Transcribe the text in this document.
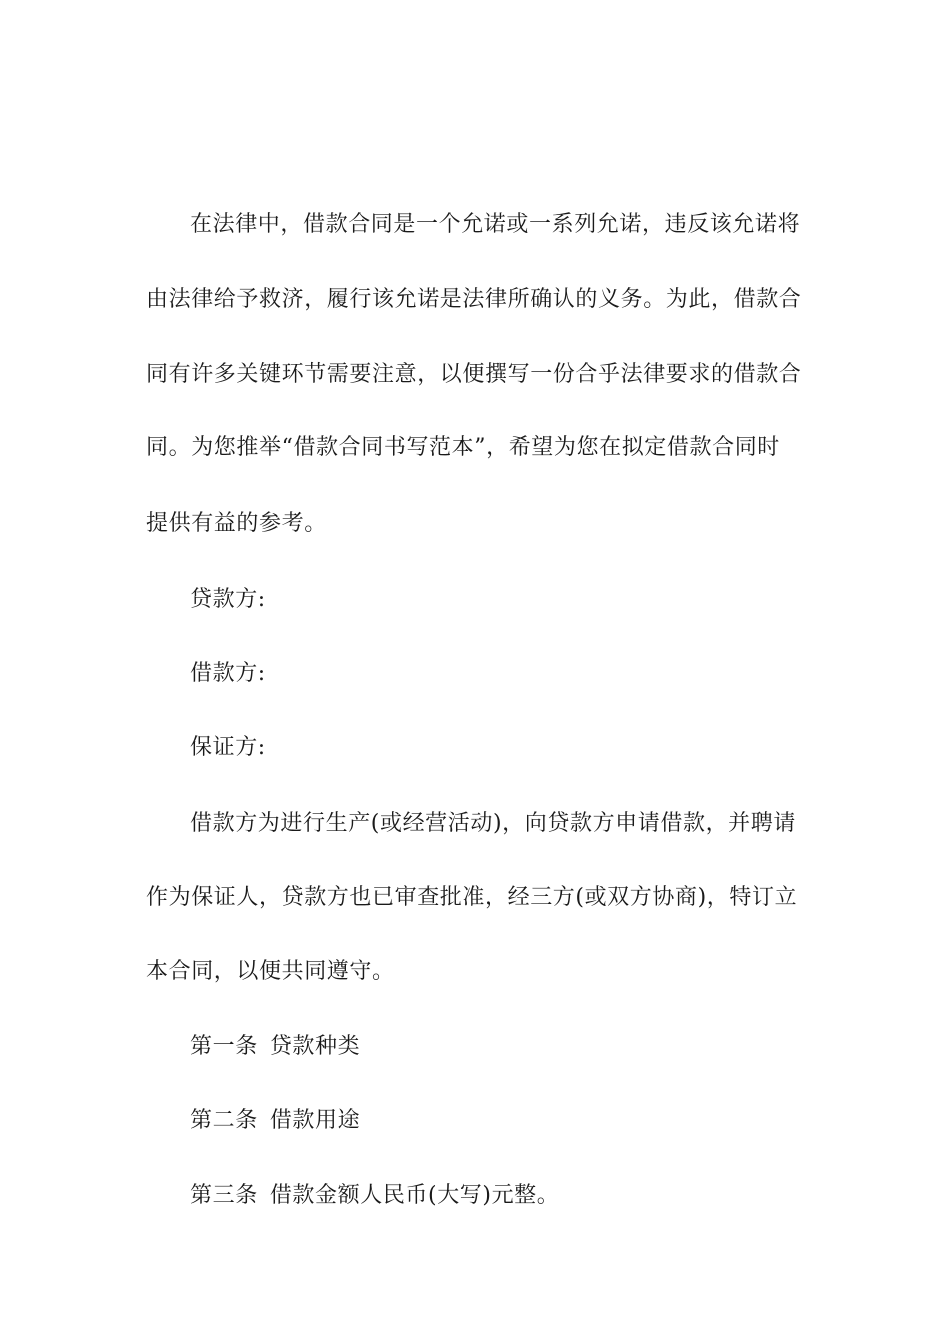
在法律中，借款合同是一个允诺或一系列允诺，违反该允诺将
由法律给予救济，履行该允诺是法律所确认的义务。为此，借款合
同有许多关键环节需要注意，以便撰写一份合乎法律要求的借款合
同。为您推举“借款合同书写范本”，希望为您在拟定借款合同时
提供有益的参考。
贷款方:
借款方:
保证方:
借款方为进行生产(或经营活动)，向贷款方申请借款，并聘请
作为保证人，贷款方也已审查批准，经三方(或双方协商)，特订立
本合同，以便共同遵守。
第一条 贷款种类
第二条 借款用途
第三条 借款金额人民币(大写)元整。
